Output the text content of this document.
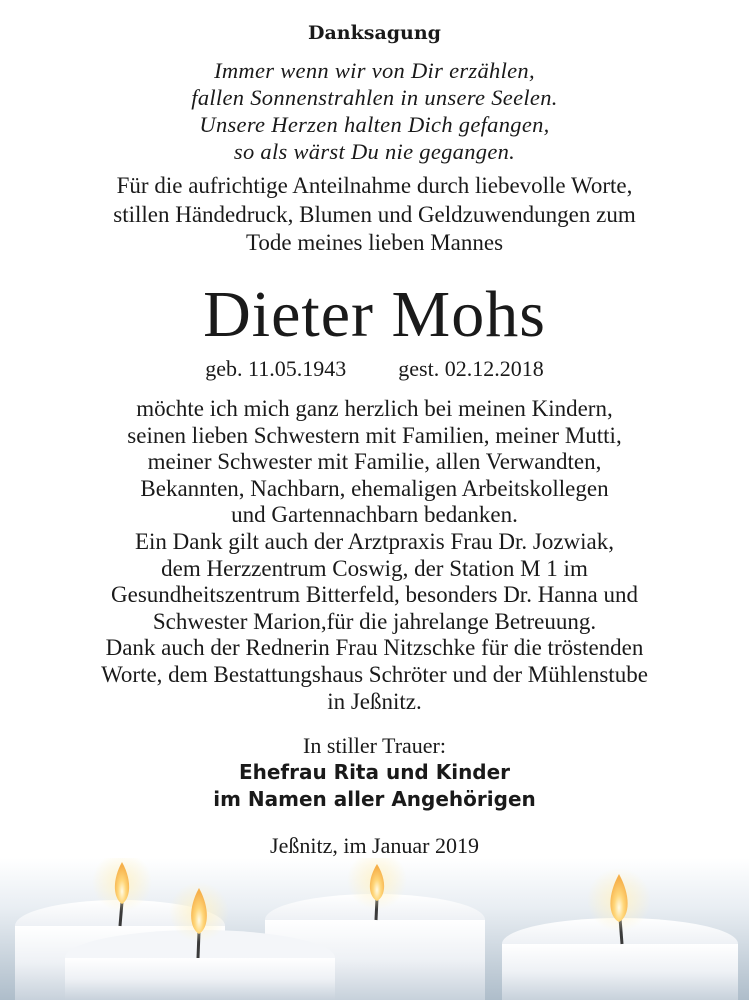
Danksagung
Immer wenn wir von Dir erzählen,
fallen Sonnenstrahlen in unsere Seelen.
Unsere Herzen halten Dich gefangen,
so als wärst Du nie gegangen.
Für die aufrichtige Anteilnahme durch liebevolle Worte,
stillen Händedruck, Blumen und Geldzuwendungen zum
Tode meines lieben Mannes
Dieter Mohs
geb. 11.05.1943 gest. 02.12.2018
möchte ich mich ganz herzlich bei meinen Kindern,
seinen lieben Schwestern mit Familien, meiner Mutti,
meiner Schwester mit Familie, allen Verwandten,
Bekannten, Nachbarn, ehemaligen Arbeitskollegen
und Gartennachbarn bedanken.
Ein Dank gilt auch der Arztpraxis Frau Dr. Jozwiak,
dem Herzzentrum Coswig, der Station M 1 im
Gesundheitszentrum Bitterfeld, besonders Dr. Hanna und
Schwester Marion,für die jahrelange Betreuung.
Dank auch der Rednerin Frau Nitzschke für die tröstenden
Worte, dem Bestattungshaus Schröter und der Mühlenstube
in Jeßnitz.
In stiller Trauer:
Ehefrau Rita und Kinder
im Namen aller Angehörigen
Jeßnitz, im Januar 2019
